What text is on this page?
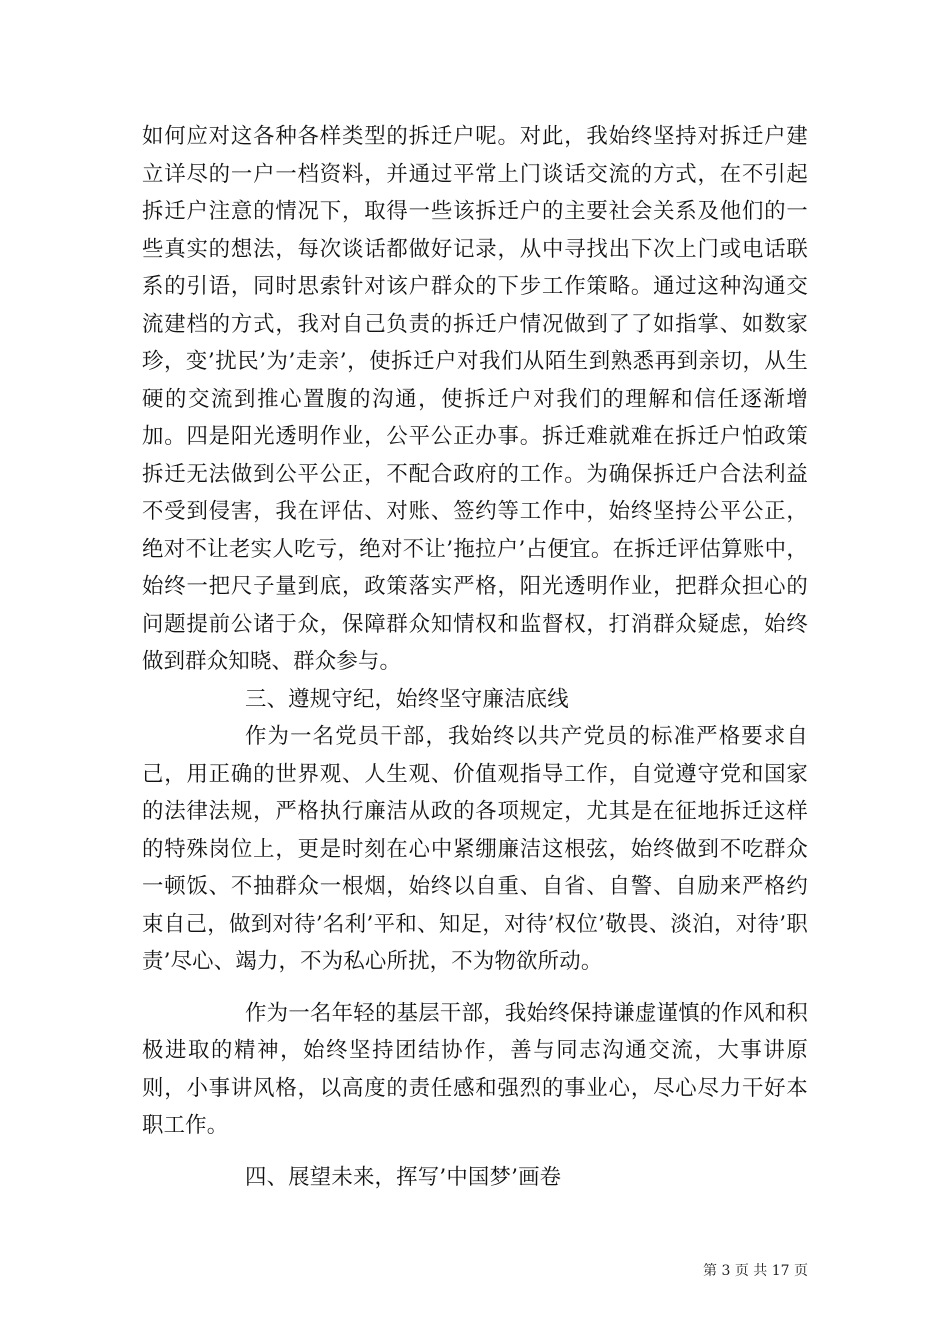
如何应对这各种各样类型的拆迁户呢。对此，我始终坚持对拆迁户建立详尽的一户一档资料，并通过平常上门谈话交流的方式，在不引起拆迁户注意的情况下，取得一些该拆迁户的主要社会关系及他们的一些真实的想法，每次谈话都做好记录，从中寻找出下次上门或电话联系的引语，同时思索针对该户群众的下步工作策略。通过这种沟通交流建档的方式，我对自己负责的拆迁户情况做到了了如指掌、如数家珍，变’扰民’为’走亲’，使拆迁户对我们从陌生到熟悉再到亲切，从生硬的交流到推心置腹的沟通，使拆迁户对我们的理解和信任逐渐增加。四是阳光透明作业，公平公正办事。拆迁难就难在拆迁户怕政策拆迁无法做到公平公正，不配合政府的工作。为确保拆迁户合法利益不受到侵害，我在评估、对账、签约等工作中，始终坚持公平公正，绝对不让老实人吃亏，绝对不让’拖拉户’占便宜。在拆迁评估算账中，始终一把尺子量到底，政策落实严格，阳光透明作业，把群众担心的问题提前公诸于众，保障群众知情权和监督权，打消群众疑虑，始终做到群众知晓、群众参与。

三、遵规守纪，始终坚守廉洁底线

作为一名党员干部，我始终以共产党员的标准严格要求自己，用正确的世界观、人生观、价值观指导工作，自觉遵守党和国家的法律法规，严格执行廉洁从政的各项规定，尤其是在征地拆迁这样的特殊岗位上，更是时刻在心中紧绷廉洁这根弦，始终做到不吃群众一顿饭、不抽群众一根烟，始终以自重、自省、自警、自励来严格约束自己，做到对待’名利’平和、知足，对待’权位’敬畏、淡泊，对待’职责’尽心、竭力，不为私心所扰，不为物欲所动。

作为一名年轻的基层干部，我始终保持谦虚谨慎的作风和积极进取的精神，始终坚持团结协作，善与同志沟通交流，大事讲原则，小事讲风格，以高度的责任感和强烈的事业心，尽心尽力干好本职工作。

四、展望未来，挥写’中国梦’画卷

第 3 页 共 17 页
